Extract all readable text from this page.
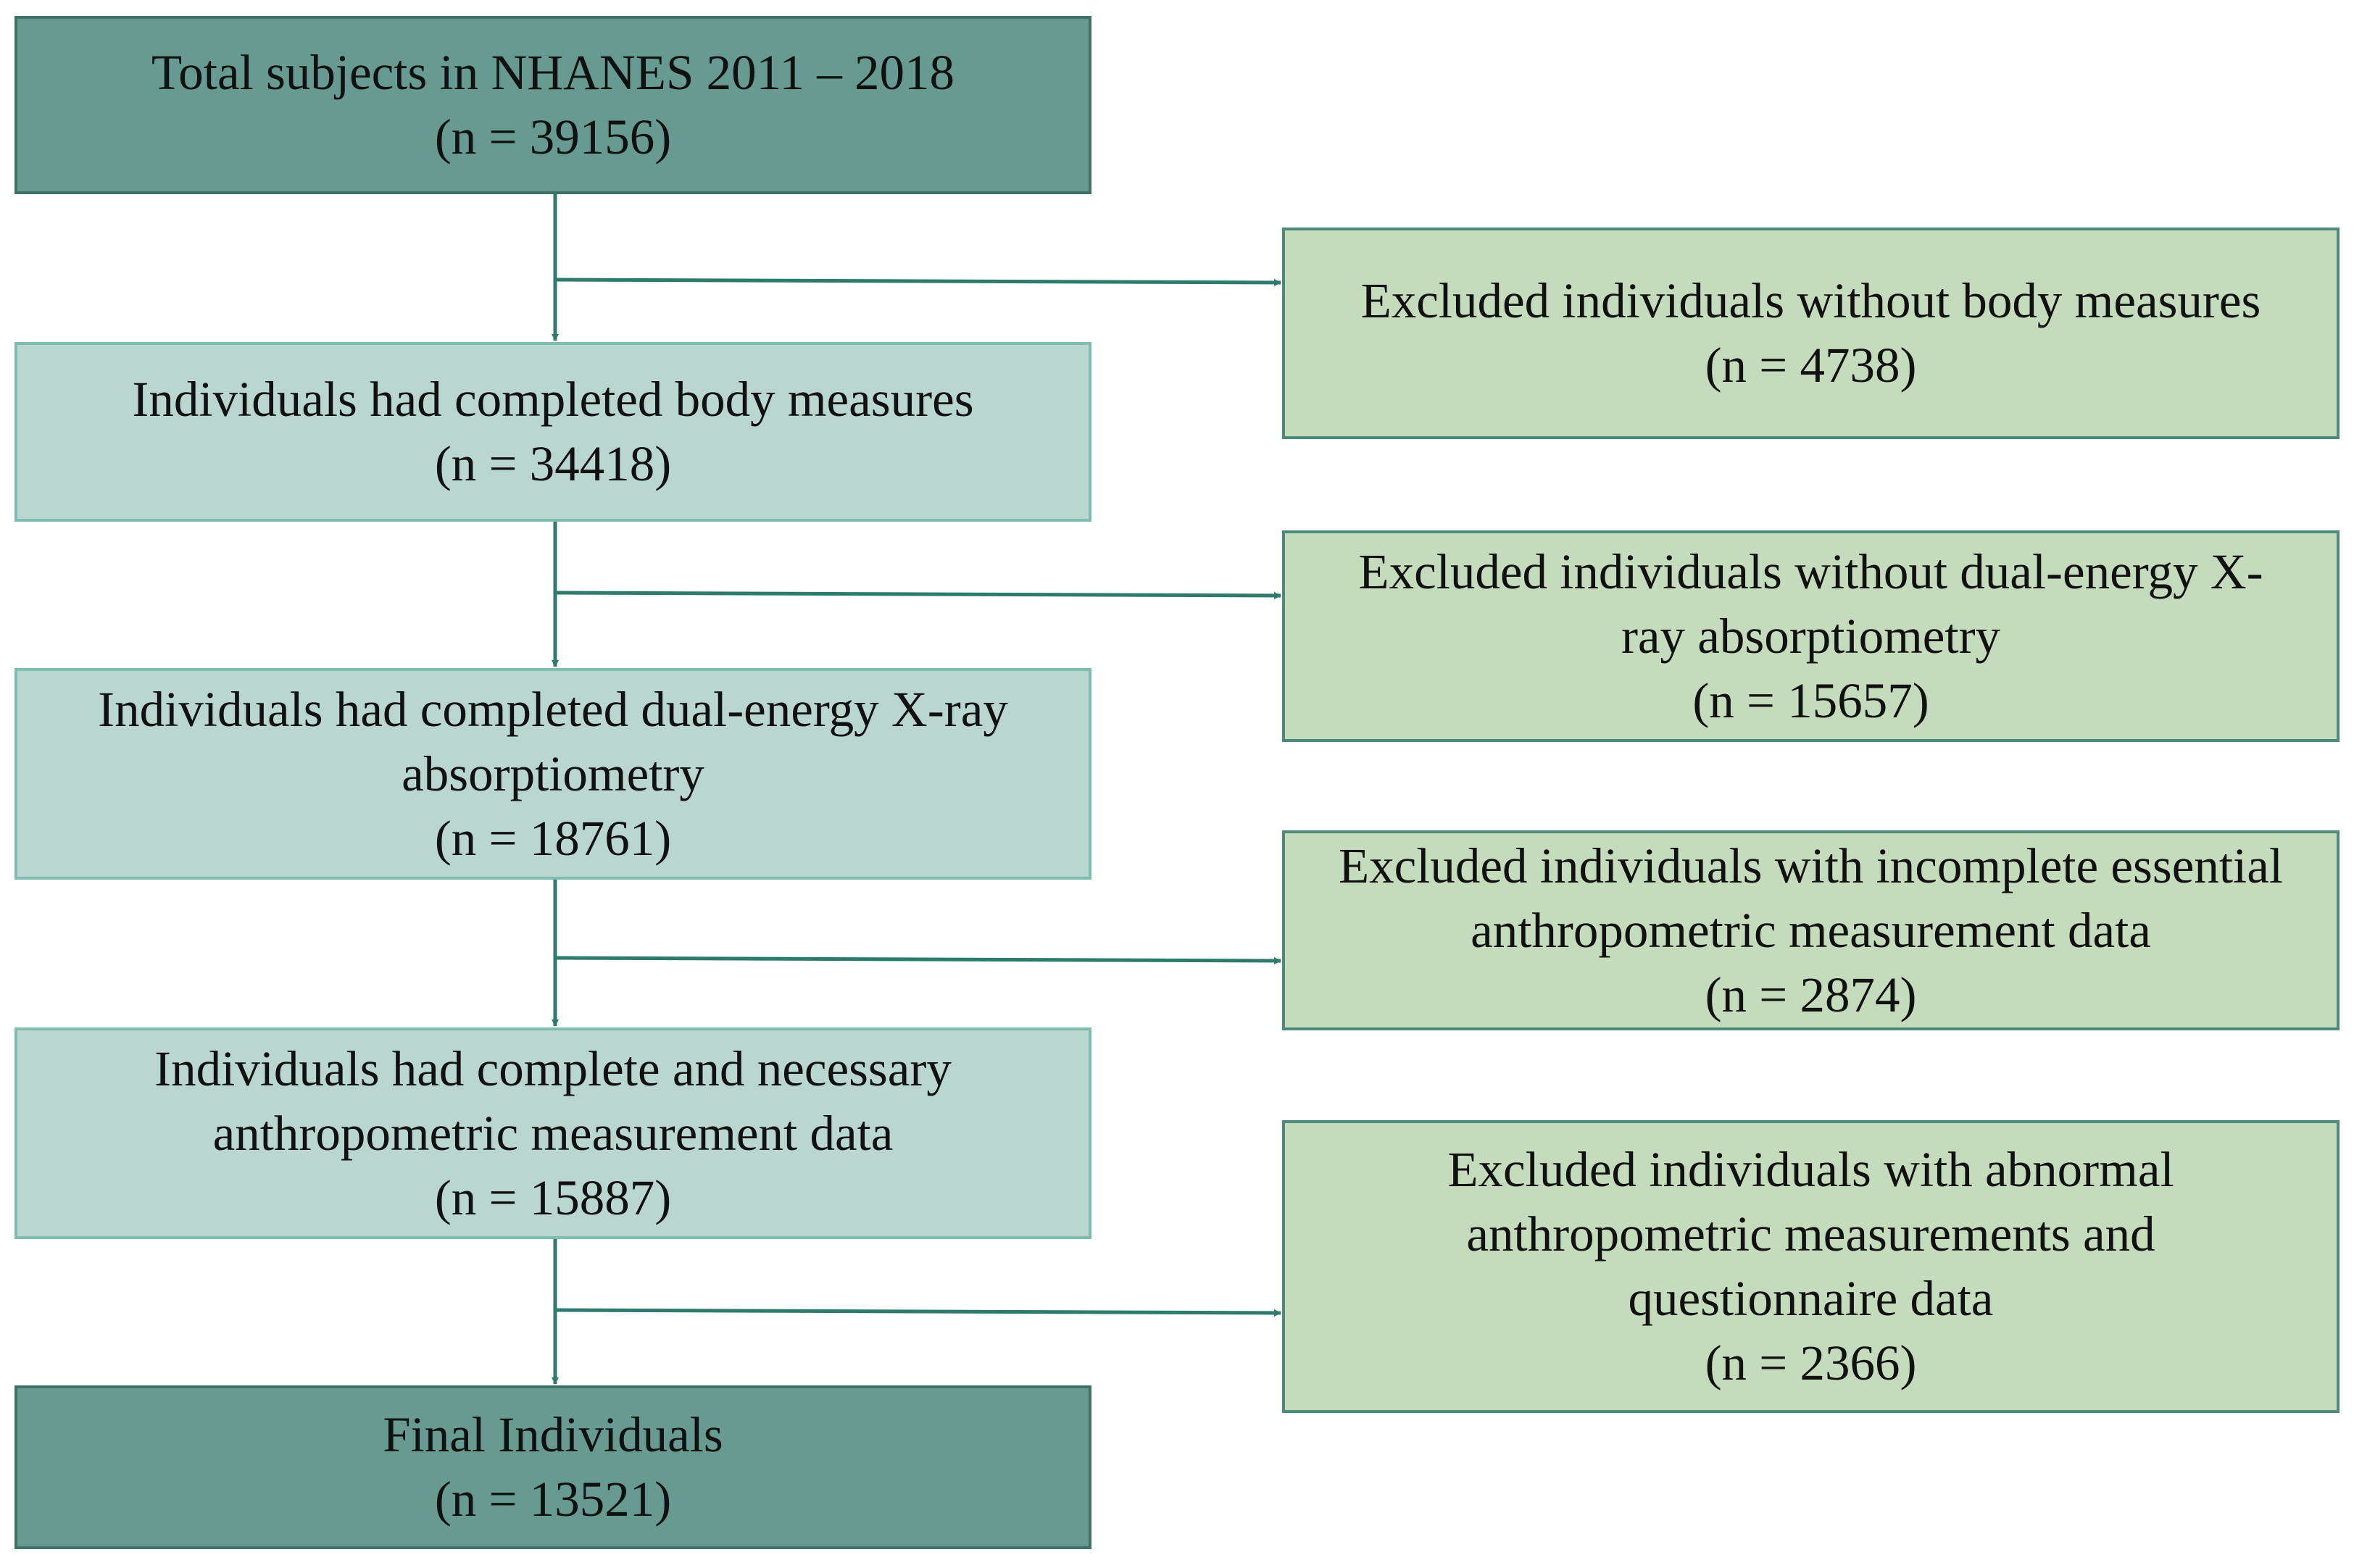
Total subjects in NHANES 2011 – 2018
(n = 39156)
Individuals had completed body measures
(n = 34418)
Individuals had completed dual-energy X-ray
absorptiometry
(n = 18761)
Individuals had complete and necessary
anthropometric measurement data
(n = 15887)
Final Individuals
(n = 13521)
Excluded individuals without body measures
(n = 4738)
Excluded individuals without dual-energy X-
ray absorptiometry
(n = 15657)
Excluded individuals with incomplete essential
anthropometric measurement data
(n = 2874)
Excluded individuals with abnormal
anthropometric measurements and
questionnaire data
(n = 2366)
